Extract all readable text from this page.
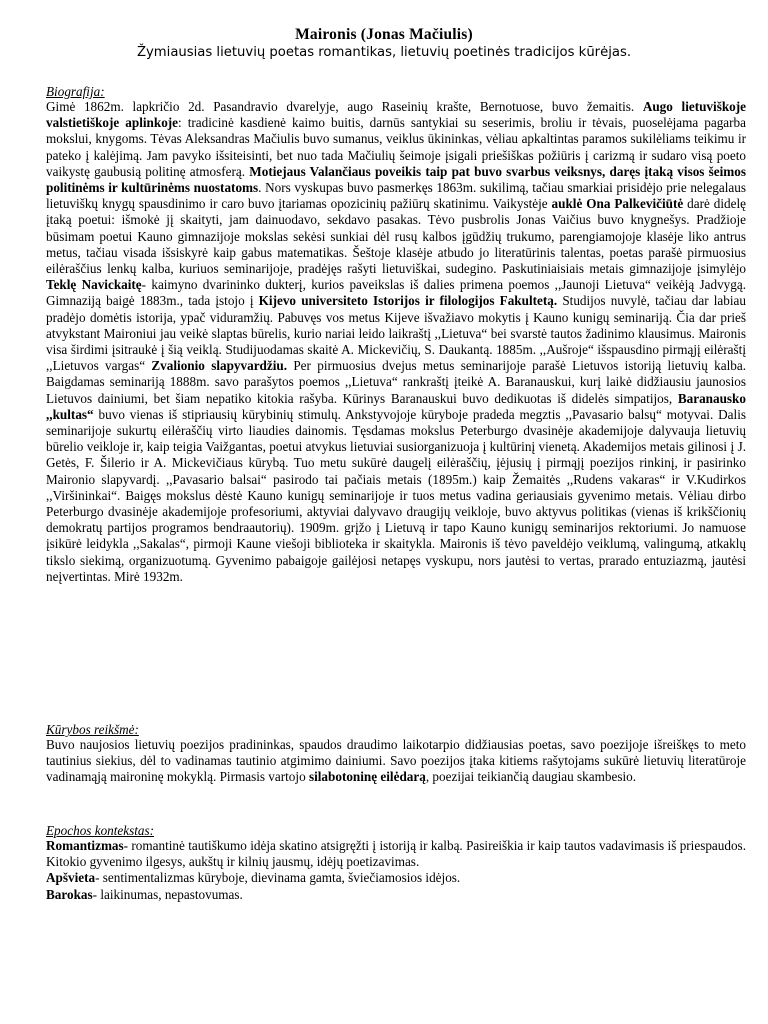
Maironis (Jonas Mačiulis)
Žymiausias lietuvių poetas romantikas, lietuvių poetinės tradicijos kūrėjas.
Biografija:

Gimė 1862m. lapkričio 2d. Pasandravio dvarelyje, augo Raseinių krašte, Bernotuose, buvo žemaitis. Augo lietuviškoje valstietiškoje aplinkoje: tradicinė kasdienė kaimo buitis, darnūs santykiai su seserimis, broliu ir tėvais, puoselėjama pagarba mokslui, knygoms. Tėvas Aleksandras Mačiulis buvo sumanus, veiklus ūkininkas, vėliau apkaltintas paramos sukilėliams teikimu ir pateko į kalėjimą. Jam pavyko išsiteisinti, bet nuo tada Mačiulių šeimoje įsigali priešiškas požiūris į carizmą ir sudaro visą poeto vaikystę gaubusią politinę atmosferą. Motiejaus Valančiaus poveikis taip pat buvo svarbus veiksnys, daręs įtaką visos šeimos politinėms ir kultūrinėms nuostatoms. Nors vyskupas buvo pasmerkęs 1863m. sukilimą, tačiau smarkiai prisidėjo prie nelegalaus lietuviškų knygų spausdinimo ir caro buvo įtariamas opozicinių pažiūrų skatinimu. Vaikystėje auklė Ona Palkevičiūtė darė didelę įtaką poetui: išmokė jį skaityti, jam dainuodavo, sekdavo pasakas. Tėvo pusbrolis Jonas Vaičius buvo knygnešys. Pradžioje būsimam poetui Kauno gimnazijoje mokslas sekėsi sunkiai dėl rusų kalbos įgūdžių trukumo, parengiamojoje klasėje liko antrus metus, tačiau visada išsiskyrė kaip gabus matematikas. Šeštoje klasėje atbudo jo literatūrinis talentas, poetas parašė pirmuosius eilėraščius lenkų kalba, kuriuos seminarijoje, pradėjęs rašyti lietuviškai, sudegino. Paskutiniaisiais metais gimnazijoje įsimylėjo Teklę Navickaitę- kaimyno dvarininko dukterį, kurios paveikslas iš dalies primena poemos ,,Jaunoji Lietuva“ veikėją Jadvygą. Gimnaziją baigė 1883m., tada įstojo į Kijevo universiteto Istorijos ir filologijos Fakultetą. Studijos nuvylė, tačiau dar labiau pradėjo domėtis istorija, ypač viduramžių. Pabuvęs vos metus Kijeve išvažiavo mokytis į Kauno kunigų seminariją. Čia dar prieš atvykstant Maironiui jau veikė slaptas būrelis, kurio nariai leido laikraštį ,,Lietuva“ bei svarstė tautos žadinimo klausimus. Maironis visa širdimi įsitraukė į šią veiklą. Studijuodamas skaitė A. Mickevičių, S. Daukantą. 1885m. ,,Aušroje“ išspausdino pirmąjį eilėraštį ,,Lietuvos vargas“ Zvalionio slapyvardžiu. Per pirmuosius dvejus metus seminarijoje parašė Lietuvos istoriją lietuvių kalba. Baigdamas seminariją 1888m. savo parašytos poemos ,,Lietuva“ rankraštį įteikė A. Baranauskui, kurį laikė didžiausiu jaunosios Lietuvos dainiumi, bet šiam nepatiko kitokia rašyba. Kūrinys Baranauskui buvo dedikuotas iš didelės simpatijos, Baranausko ,,kultas“ buvo vienas iš stipriausių kūrybinių stimulų. Ankstyvojoje kūryboje pradeda megztis ,,Pavasario balsų“ motyvai. Dalis seminarijoje sukurtų eilėraščių virto liaudies dainomis. Tęsdamas mokslus Peterburgo dvasinėje akademijoje dalyvauja lietuvių būrelio veikloje ir, kaip teigia Vaižgantas, poetui atvykus lietuviai susiorganizuoja į kultūrinį vienetą. Akademijos metais gilinosi į J. Getės, F. Šilerio ir A. Mickevičiaus kūrybą. Tuo metu sukūrė daugelį eilėraščių, įėjusių į pirmąjį poezijos rinkinį, ir pasirinko Maironio slapyvardį. ,,Pavasario balsai“ pasirodo tai pačiais metais (1895m.) kaip Žemaitės ,,Rudens vakaras“ ir V.Kudirkos ,,Viršininkai“. Baigęs mokslus dėstė Kauno kunigų seminarijoje ir tuos metus vadina geriausiais gyvenimo metais. Vėliau dirbo Peterburgo dvasinėje akademijoje profesoriumi, aktyviai dalyvavo draugijų veikloje, buvo aktyvus politikas (vienas iš krikščionių demokratų partijos programos bendraautorių). 1909m. grįžo į Lietuvą ir tapo Kauno kunigų seminarijos rektoriumi. Jo namuose įsikūrė leidykla ,,Sakalas“, pirmoji Kaune viešoji biblioteka ir skaitykla. Maironis iš tėvo paveldėjo veiklumą, valingumą, atkaklų tikslo siekimą, organizuotumą. Gyvenimo pabaigoje gailėjosi netapęs vyskupu, nors jautėsi to vertas, prarado entuziazmą, jautėsi neįvertintas. Mirė 1932m.

Kūrybos reikšmė:

Buvo naujosios lietuvių poezijos pradininkas, spaudos draudimo laikotarpio didžiausias poetas, savo poezijoje išreiškęs to meto tautinius siekius, dėl to vadinamas tautinio atgimimo dainiumi. Savo poezijos įtaka kitiems rašytojams sukūrė lietuvių literatūroje vadinamąją maironinę mokyklą. Pirmasis vartojo silabotoninę eilėdarą, poezijai teikiančią daugiau skambesio.

Epochos kontekstas:

Romantizmas- romantinė tautiškumo idėja skatino atsigręžti į istoriją ir kalbą. Pasireiškia ir kaip tautos vadavimasis iš priespaudos. Kitokio gyvenimo ilgesys, aukštų ir kilnių jausmų, idėjų poetizavimas.

Apšvieta- sentimentalizmas kūryboje, dievinama gamta, šviečiamosios idėjos.

Barokas- laikinumas, nepastovumas.
